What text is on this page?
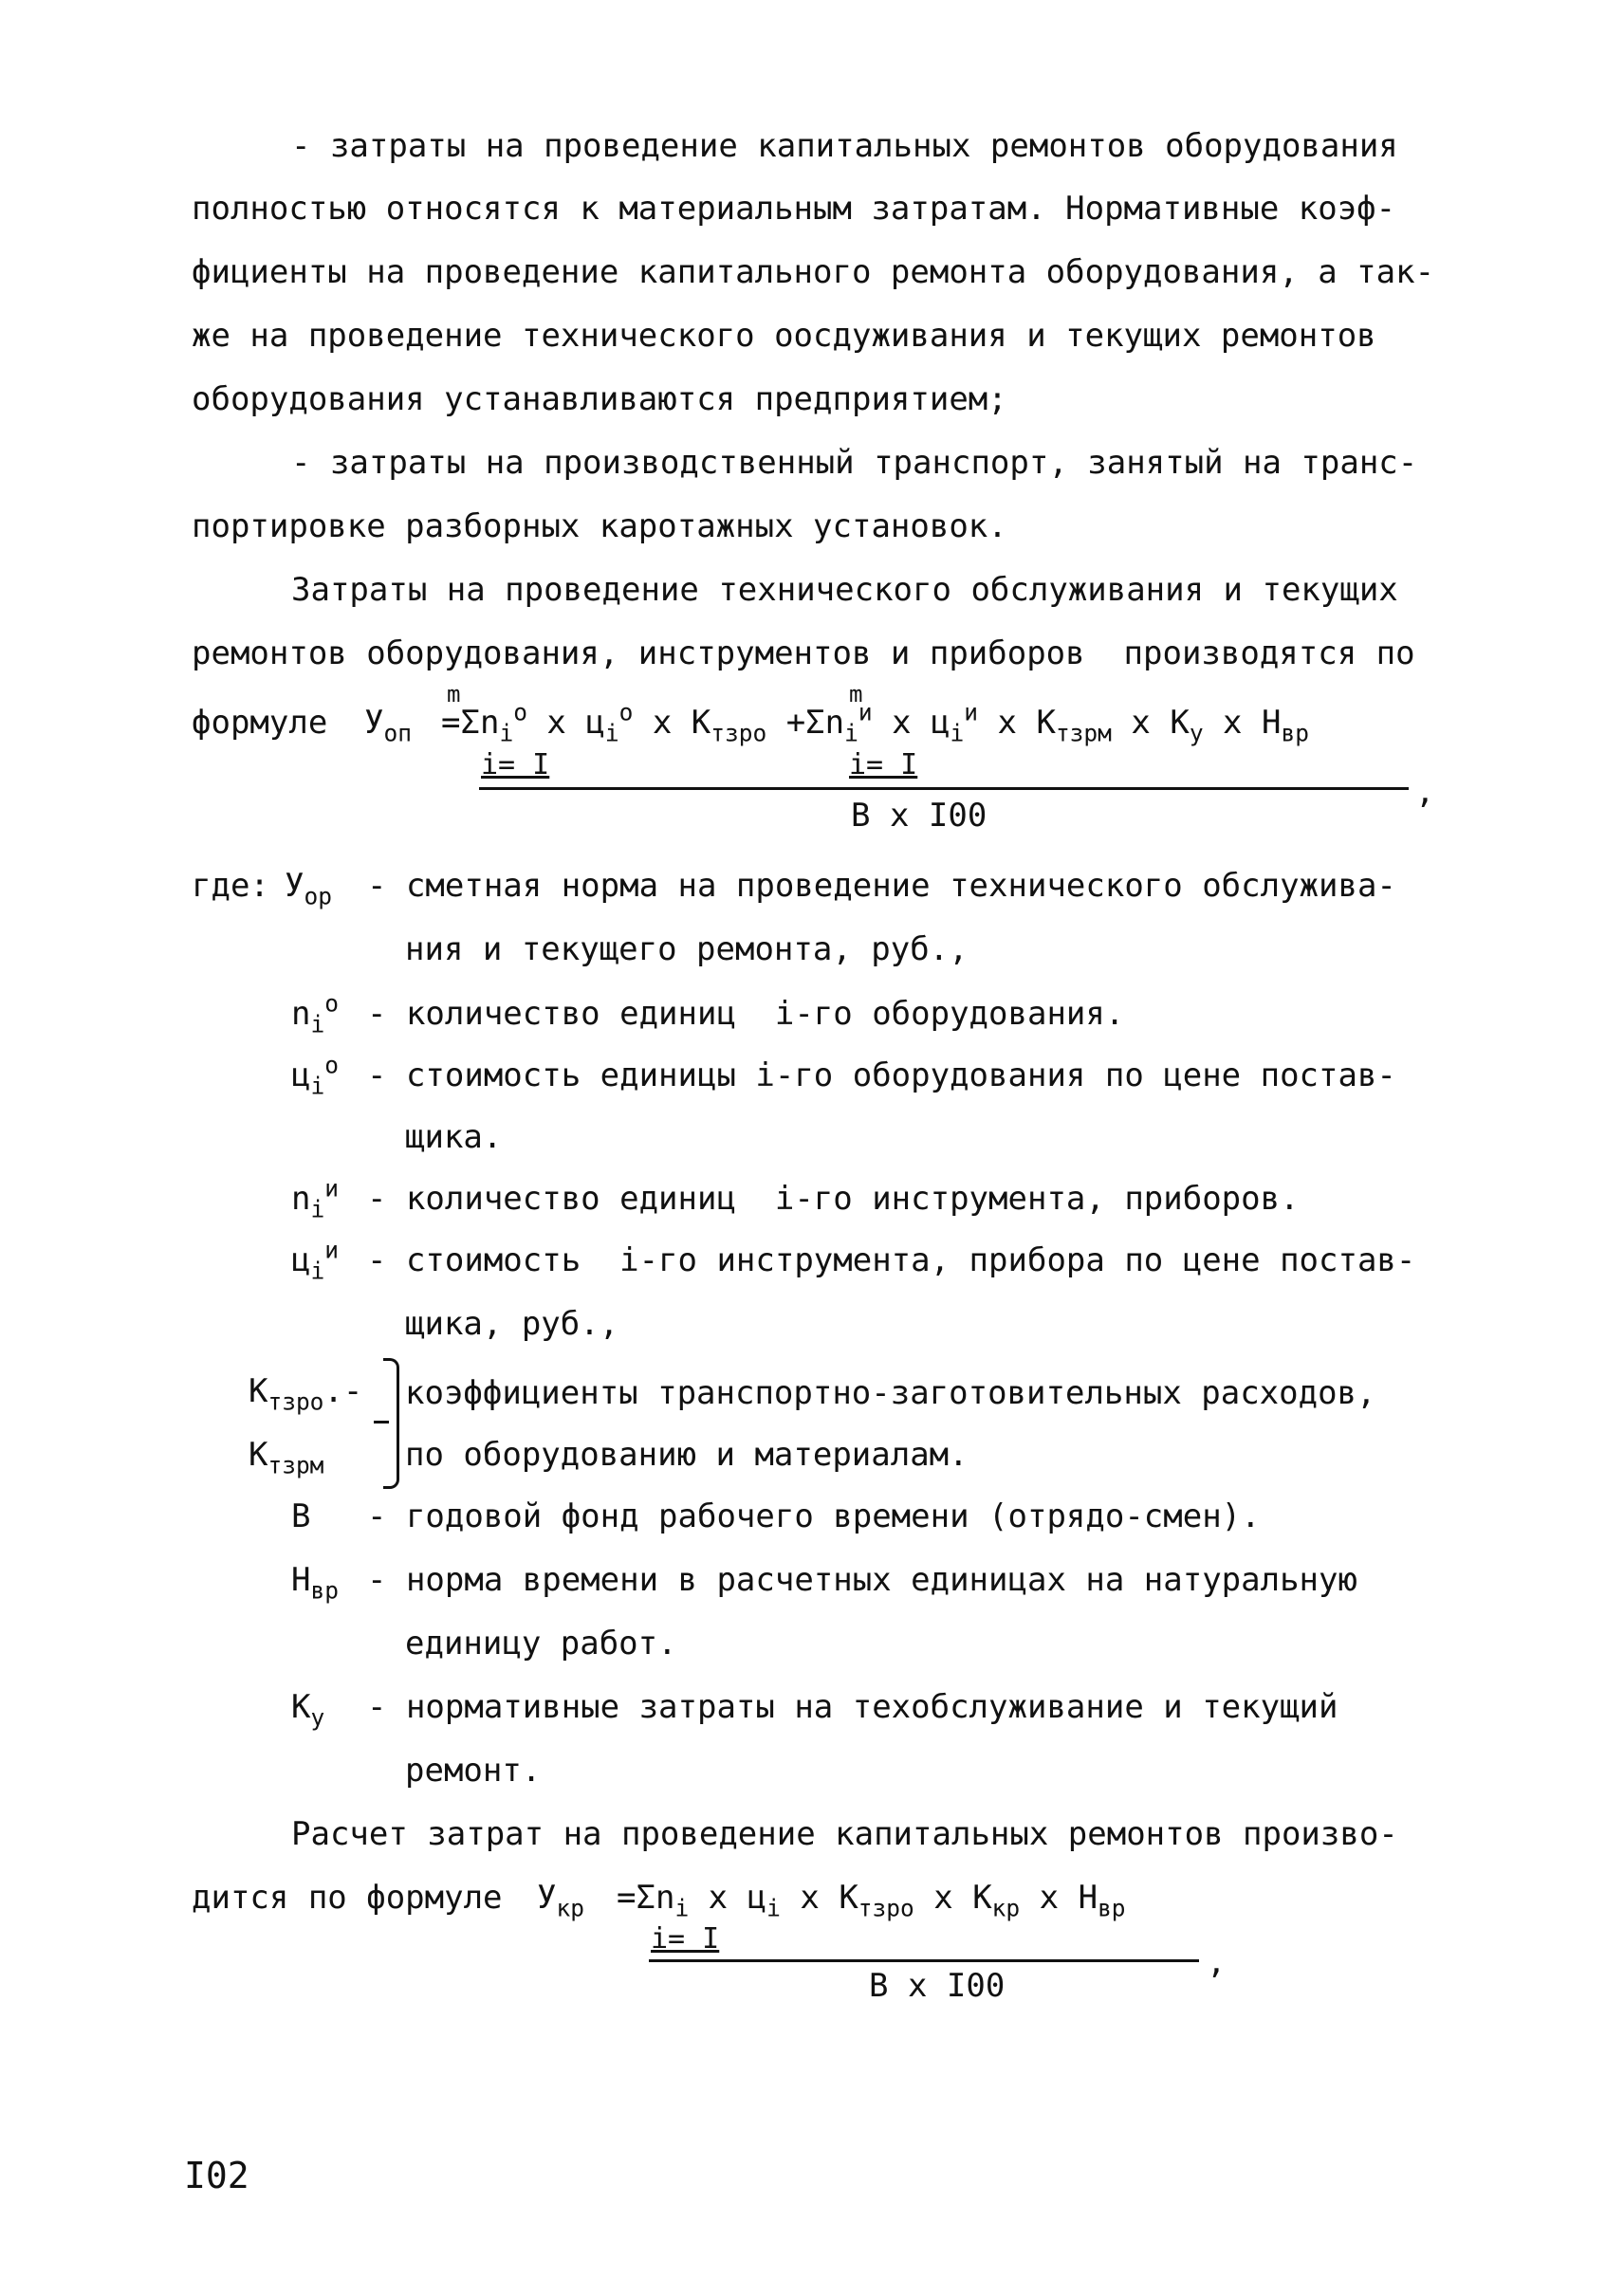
- затраты на проведение капитальных ремонтов оборудования
полностью относятся к материальным затратам. Нормативные коэф-
фициенты на проведение капитального ремонта оборудования, а так-
же на проведение технического оосдуживания и текущих ремонтов
оборудования устанавливаются предприятием;
- затраты на производственный транспорт, занятый на транс-
портировке разборных каротажных установок.
Затраты на проведение технического обслуживания и текущих
ремонтов оборудования, инструментов и приборов  производятся по
формуле $У_{оп}$
m	m
$=\Sigma n_i^о$ x $ц_i^о$ x $К_{тзро} +\Sigma n_i^и$ x $ц_i^и$ x $К_{тзрм}$ x $К_у$ x $Н_{вр}$
i= I	i= I
,
В x I00
где: $У_{ор}$ - сметная норма на проведение технического обслужива-
ния и текущего ремонта, руб.,
$n_i^о$ - количество единиц  i-го оборудования.
$ц_i^о$ - стоимость единицы i-го оборудования по цене постав-
щика.
$n_i^и$ - количество единиц  i-го инструмента, приборов.
$ц_i^и$ - стоимость  i-го инструмента, прибора по цене постав-
щика, руб.,
$К_{тзро}.-$
$К_{тзрм}$
коэффициенты транспортно-заготовительных расходов,
по оборудованию и материалам.
В - годовой фонд рабочего времени (отрядо-смен).
$Н_{вр}$ - норма времени в расчетных единицах на натуральную
единицу работ.
$К_у$ - нормативные затраты на техобслуживание и текущий
ремонт.
Расчет затрат на проведение капитальных ремонтов произво-
дится по формуле $У_{кр} =\Sigma n_i$ x $ц_i$ x $К_{тзро}$ x $К_{кр}$ x $Н_{вр}$
i= I
,
В x I00
I02
